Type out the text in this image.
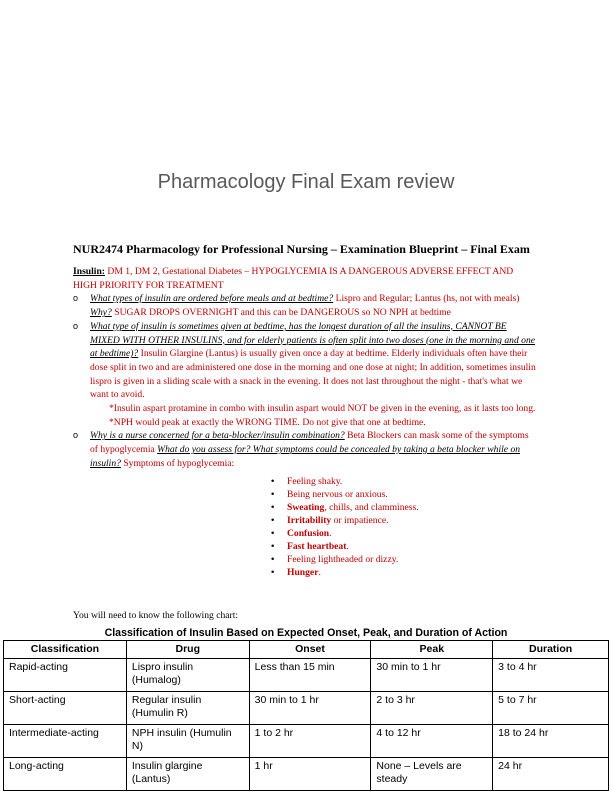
Pharmacology Final Exam review
NUR2474 Pharmacology for Professional Nursing – Examination Blueprint – Final Exam

Insulin: DM 1, DM 2, Gestational Diabetes – HYPOGLYCEMIA IS A DANGEROUS ADVERSE EFFECT AND HIGH PRIORITY FOR TREATMENT

o What types of insulin are ordered before meals and at bedtime? Lispro and Regular; Lantus (hs, not with meals) Why? SUGAR DROPS OVERNIGHT and this can be DANGEROUS so NO NPH at bedtime

o What type of insulin is sometimes given at bedtime, has the longest duration of all the insulins, CANNOT BE MIXED WITH OTHER INSULINS, and for elderly patients is often split into two doses (one in the morning and one at bedtime)? Insulin Glargine (Lantus) is usually given once a day at bedtime. Elderly individuals often have their dose split in two and are administered one dose in the morning and one dose at night; In addition, sometimes insulin lispro is given in a sliding scale with a snack in the evening. It does not last throughout the night - that's what we want to avoid.

*Insulin aspart protamine in combo with insulin aspart would NOT be given in the evening, as it lasts too long.

*NPH would peak at exactly the WRONG TIME. Do not give that one at bedtime.

o Why is a nurse concerned for a beta-blocker/insulin combination? Beta Blockers can mask some of the symptoms of hypoglycemia What do you assess for? What symptoms could be concealed by taking a beta blocker while on insulin? Symptoms of hypoglycemia:

• Feeling shaky.
• Being nervous or anxious.
• Sweating, chills, and clamminess.
• Irritability or impatience.
• Confusion.
• Fast heartbeat.
• Feeling lightheaded or dizzy.
• Hunger.
You will need to know the following chart:
Classification of Insulin Based on Expected Onset, Peak, and Duration of Action
Classification	Drug	Onset	Peak	Duration
Rapid-acting	Lispro insulin (Humalog)	Less than 15 min	30 min to 1 hr	3 to 4 hr
Short-acting	Regular insulin (Humulin R)	30 min to 1 hr	2 to 3 hr	5 to 7 hr
Intermediate-acting	NPH insulin (Humulin N)	1 to 2 hr	4 to 12 hr	18 to 24 hr
Long-acting	Insulin glargine (Lantus)	1 hr	None – Levels are steady	24 hr
